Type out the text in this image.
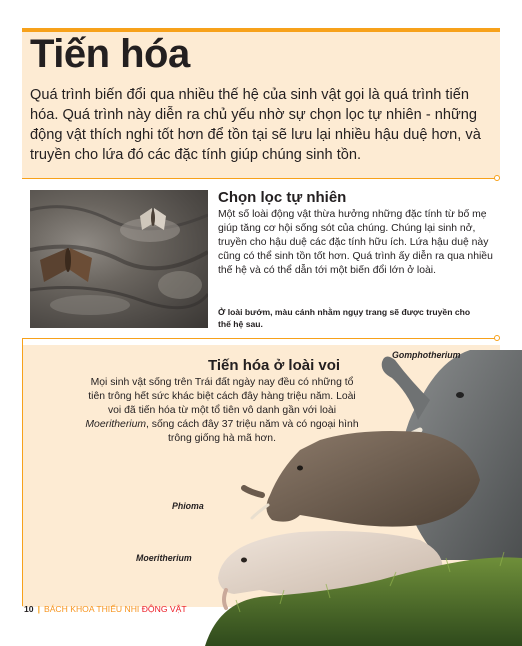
Tiến hóa

Quá trình biến đổi qua nhiều thế hệ của sinh vật gọi là quá trình tiến hóa. Quá trình này diễn ra chủ yếu nhờ sự chọn lọc tự nhiên - những động vật thích nghi tốt hơn để tồn tại sẽ lưu lại nhiều hậu duệ hơn, và truyền cho lứa đó các đặc tính giúp chúng sinh tồn.

Chọn lọc tự nhiên

Một số loài động vật thừa hưởng những đặc tính từ bố mẹ giúp tăng cơ hội sống sót của chúng. Chúng lại sinh nở, truyền cho hậu duệ các đặc tính hữu ích. Lứa hậu duệ này cũng có thể sinh tồn tốt hơn. Quá trình ấy diễn ra qua nhiều thế hệ và có thể dẫn tới một biến đổi lớn ở loài.

Ở loài bướm, màu cánh nhằm ngụy trang sẽ được truyền cho thế hệ sau.

Tiến hóa ở loài voi

Mọi sinh vật sống trên Trái đất ngày nay đều có những tổ tiên trông hết sức khác biệt cách đây hàng triệu năm. Loài voi đã tiến hóa từ một tổ tiên vô danh gần với loài Moeritherium, sống cách đây 37 triệu năm và có ngoại hình trông giống hà mã hơn.

Gomphotherium

Phioma

Moeritherium

10 | BÁCH KHOA THIẾU NHI ĐỘNG VẬT
